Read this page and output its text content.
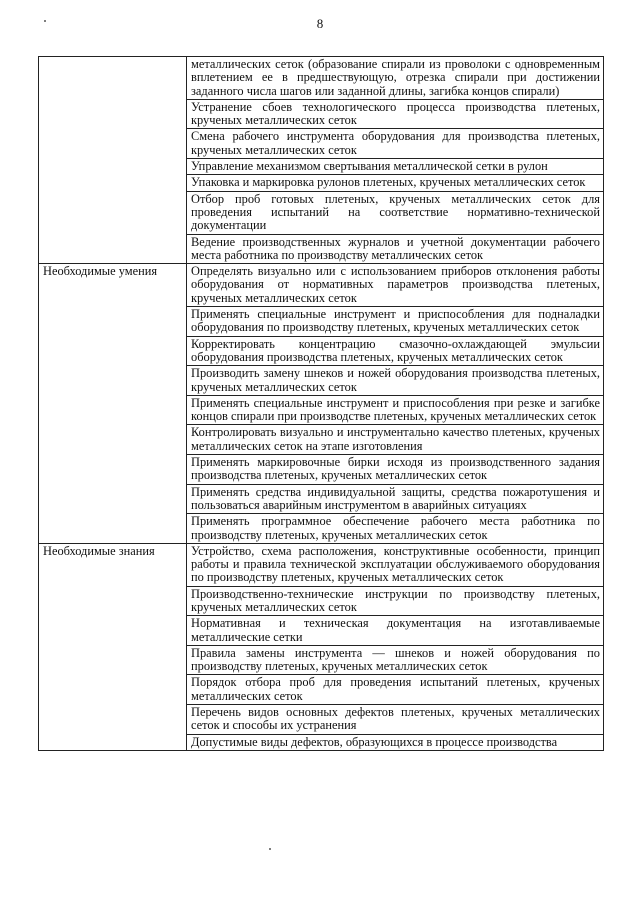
8
	металлических сеток (образование спирали из проволоки с одновременным вплетением ее в предшествующую, отрезка спирали при достижении заданного числа шагов или заданной длины, загибка концов спирали)
	Устранение сбоев технологического процесса производства плетеных, крученых металлических сеток
	Смена рабочего инструмента оборудования для производства плетеных, крученых металлических сеток
	Управление механизмом свертывания металлической сетки в рулон
	Упаковка и маркировка рулонов плетеных, крученых металлических сеток
	Отбор проб готовых плетеных, крученых металлических сеток для проведения испытаний на соответствие нормативно-технической документации
	Ведение производственных журналов и учетной документации рабочего места работника по производству металлических сеток
Необходимые умения	Определять визуально или с использованием приборов отклонения работы оборудования от нормативных параметров производства плетеных, крученых металлических сеток
	Применять специальные инструмент и приспособления для подналадки оборудования по производству плетеных, крученых металлических сеток
	Корректировать концентрацию смазочно-охлаждающей эмульсии оборудования производства плетеных, крученых металлических сеток
	Производить замену шнеков и ножей оборудования производства плетеных, крученых металлических сеток
	Применять специальные инструмент и приспособления при резке и загибке концов спирали при производстве плетеных, крученых металлических сеток
	Контролировать визуально и инструментально качество плетеных, крученых металлических сеток на этапе изготовления
	Применять маркировочные бирки исходя из производственного задания производства плетеных, крученых металлических сеток
	Применять средства индивидуальной защиты, средства пожаротушения и пользоваться аварийным инструментом в аварийных ситуациях
	Применять программное обеспечение рабочего места работника по производству плетеных, крученых металлических сеток
Необходимые знания	Устройство, схема расположения, конструктивные особенности, принцип работы и правила технической эксплуатации обслуживаемого оборудования по производству плетеных, крученых металлических сеток
	Производственно-технические инструкции по производству плетеных, крученых металлических сеток
	Нормативная и техническая документация на изготавливаемые металлические сетки
	Правила замены инструмента — шнеков и ножей оборудования по производству плетеных, крученых металлических сеток
	Порядок отбора проб для проведения испытаний плетеных, крученых металлических сеток
	Перечень видов основных дефектов плетеных, крученых металлических сеток и способы их устранения
	Допустимые виды дефектов, образующихся в процессе производства
